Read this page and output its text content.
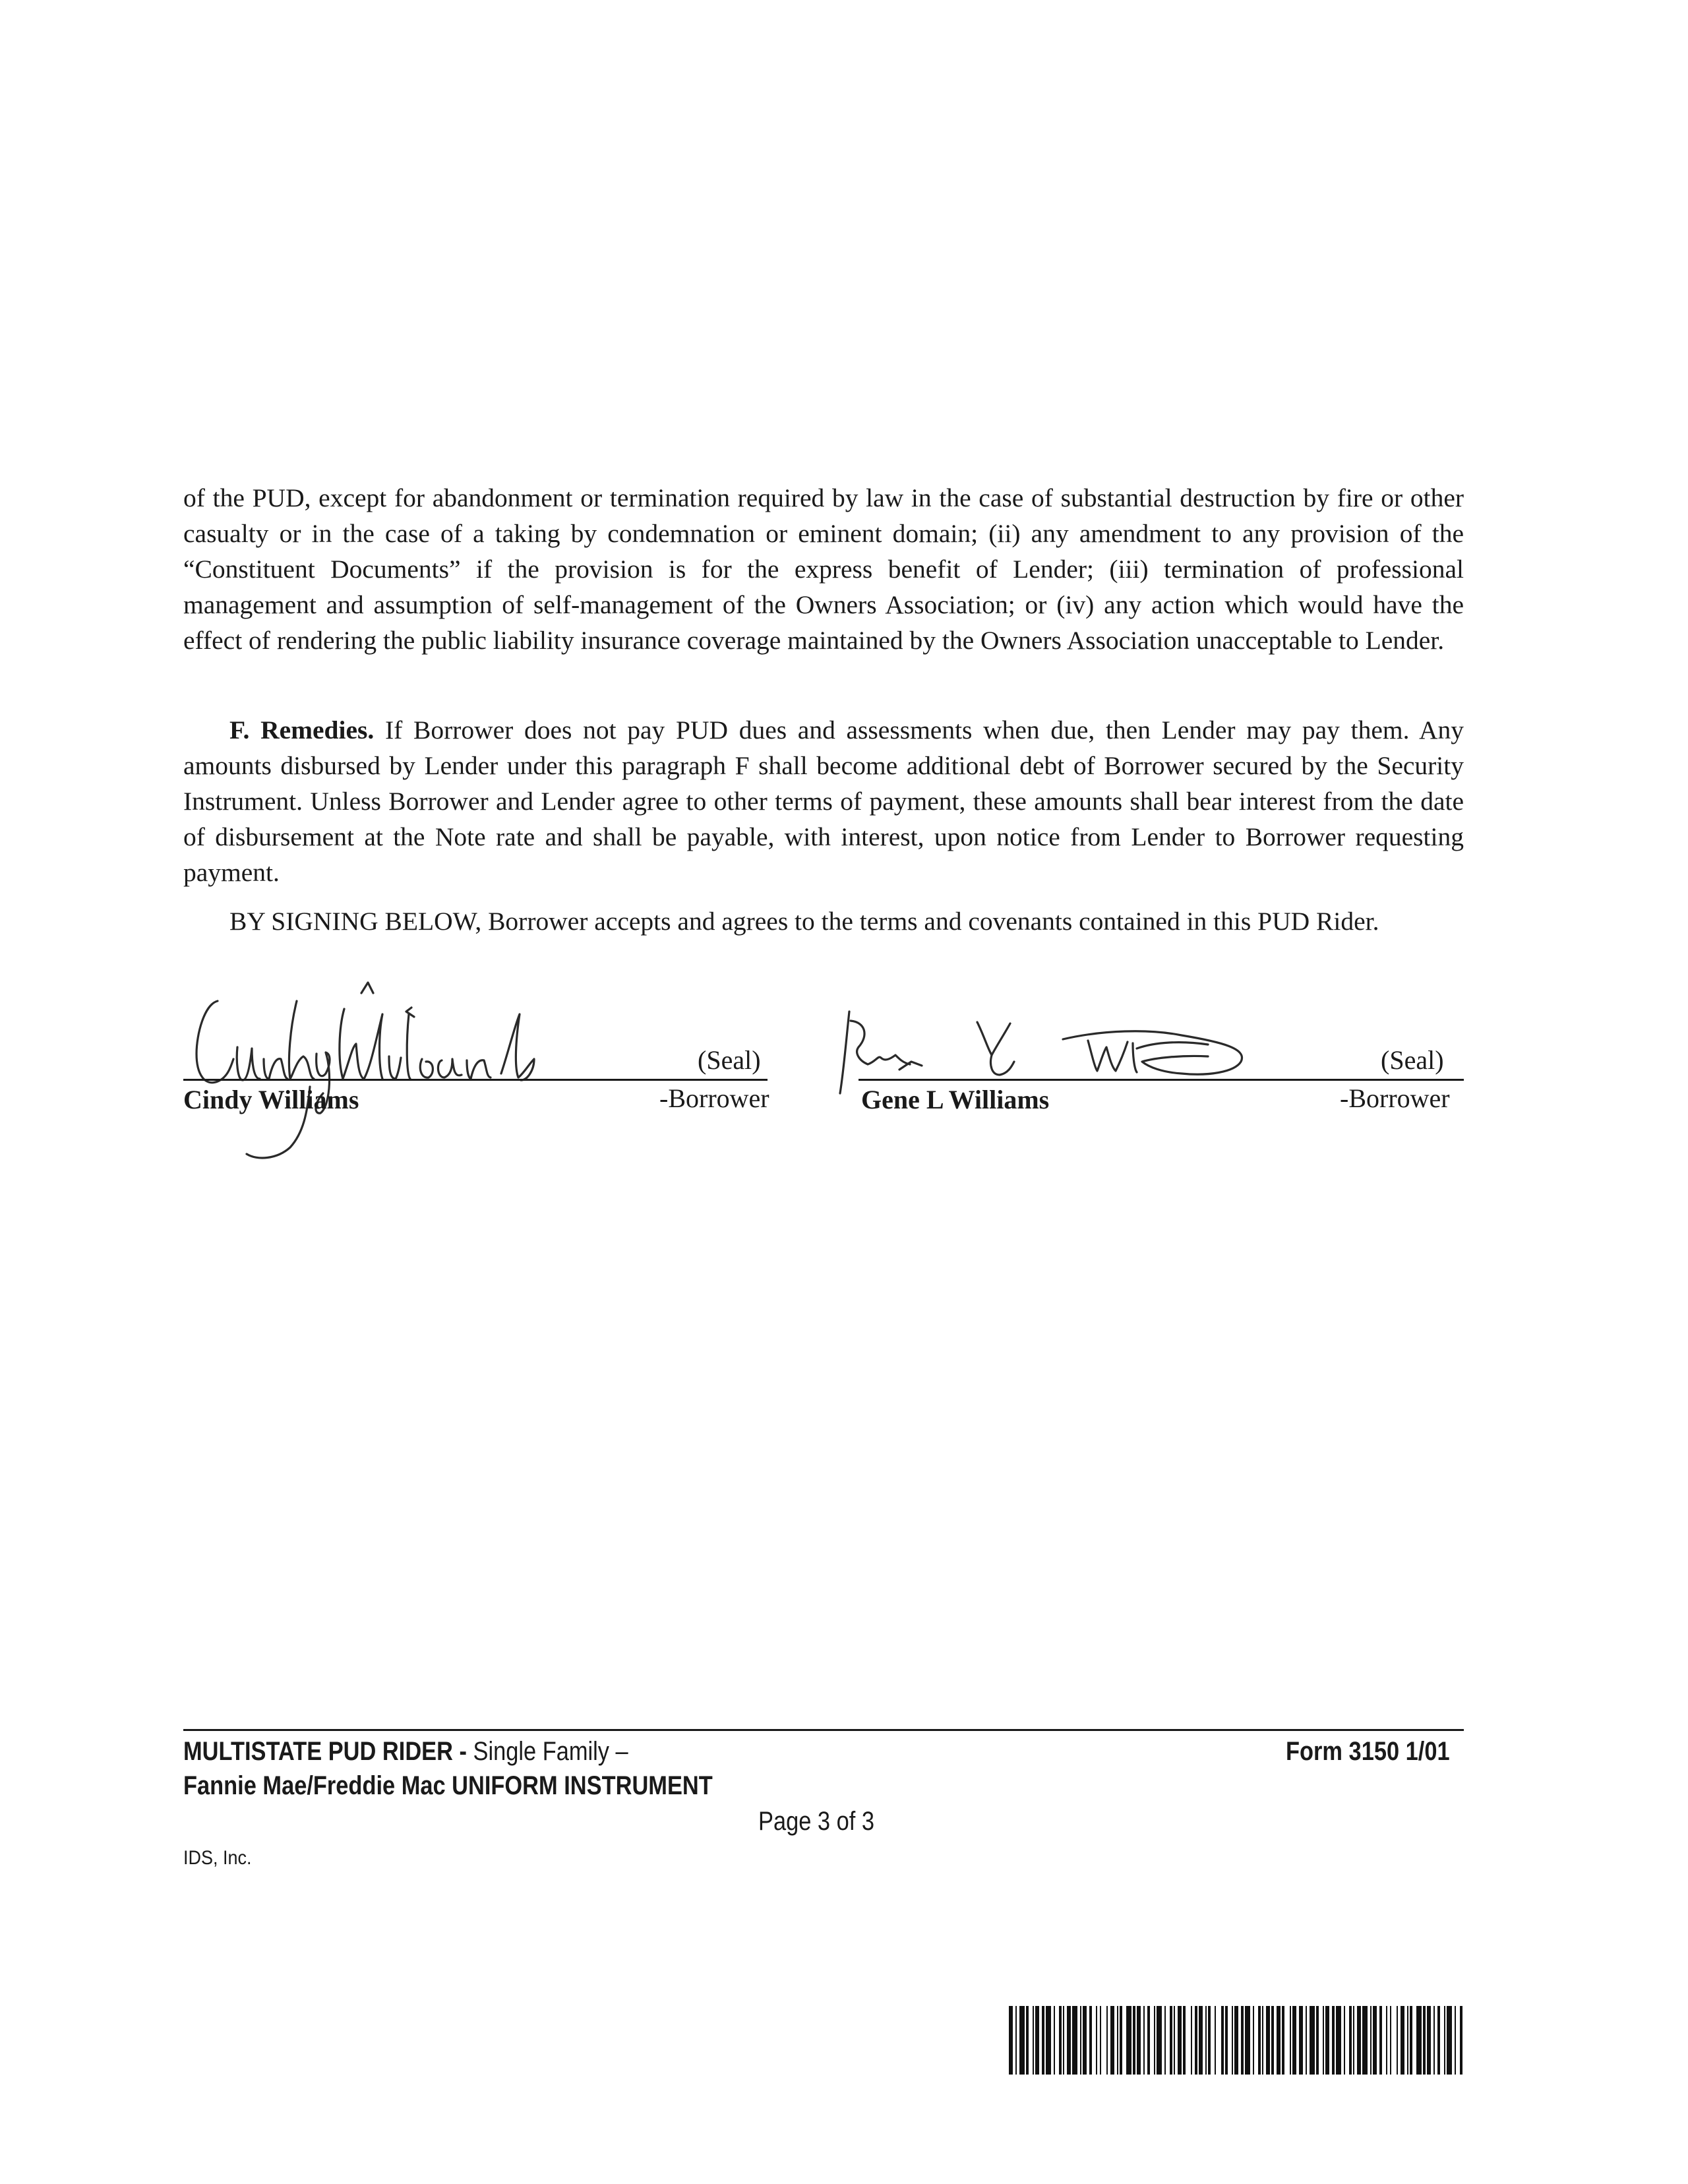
of the PUD, except for abandonment or termination required by law in the case of substantial destruction by fire or other casualty or in the case of a taking by condemnation or eminent domain; (ii) any amendment to any provision of the “Constituent Documents” if the provision is for the express benefit of Lender; (iii) termination of professional management and assumption of self-management of the Owners Association; or (iv) any action which would have the effect of rendering the public liability insurance coverage maintained by the Owners Association unacceptable to Lender.

F. Remedies. If Borrower does not pay PUD dues and assessments when due, then Lender may pay them. Any amounts disbursed by Lender under this paragraph F shall become additional debt of Borrower secured by the Security Instrument. Unless Borrower and Lender agree to other terms of payment, these amounts shall bear interest from the date of disbursement at the Note rate and shall be payable, with interest, upon notice from Lender to Borrower requesting payment.

BY SIGNING BELOW, Borrower accepts and agrees to the terms and covenants contained in this PUD Rider.

(Seal)
Cindy Williams	-Borrower
(Seal)
Gene L Williams	-Borrower
MULTISTATE PUD RIDER - Single Family –
Fannie Mae/Freddie Mac UNIFORM INSTRUMENT
Form 3150 1/01
Page 3 of 3
IDS, Inc.
